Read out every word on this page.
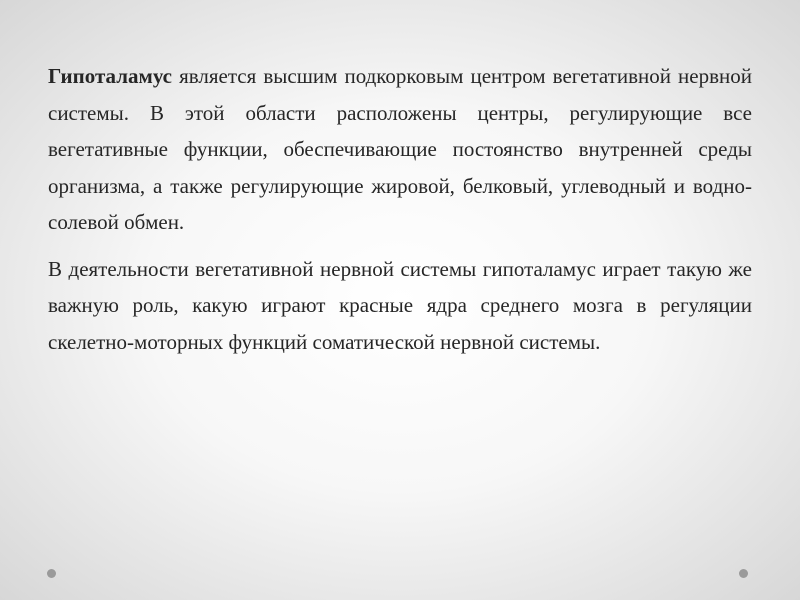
Гипоталамус является высшим подкорковым центром вегетативной нервной системы. В этой области расположены центры, регулирующие все вегетативные функции, обеспечивающие постоянство внутренней среды организма, а также регулирующие жировой, белковый, углеводный и водно-солевой обмен.

В деятельности вегетативной нервной системы гипоталамус играет такую же важную роль, какую играют красные ядра среднего мозга в регуляции скелетно-моторных функций соматической нервной системы.
